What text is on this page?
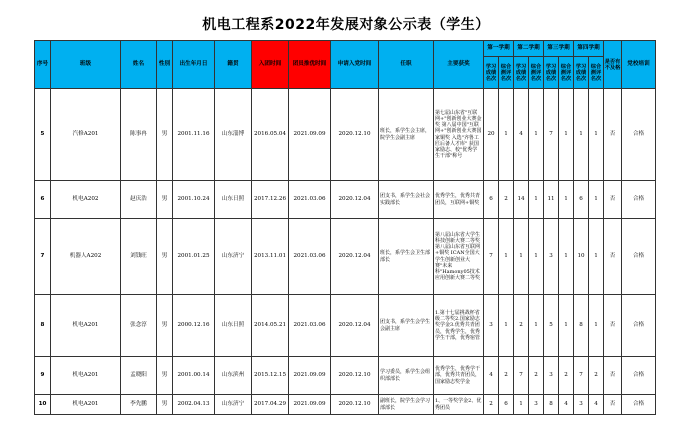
机电工程系2022年发展对象公示表（学生）
序号	班级	姓名	性别	出生年月日	籍贯	入团时间	团员推优时间	申请入党时间	任职	主要获奖	第一学期		第二学期		第三学期		第四学期		是否有不及格	党校培训
											学习成绩名次	综合测评名次	学习成绩名次	综合测评名次	学习成绩名次	综合测评名次	学习成绩名次	综合测评名次		
5	汽修A201	陈事冉	男	2001.11.16	山东淄博	2016.05.04	2021.09.09	2020.12.10	班长，系学生会主席，院学生会副主席	第七届山东省"互联网+"创新创业大赛金奖 第八届中国"互联网+"创新创业大赛国家铜奖 入选"齐鲁工匠后备人才库" 获国家励志、校"优秀学生干部"称号	20	1	4	1	7	1	1	1	否	合格
6	机电A202	赵庆浩	男	2001.10.24	山东日照	2017.12.26	2021.03.06	2020.12.04	团支书，系学生会社会实践部长	优秀学生，优秀共青团员，互联网+铜奖	6	2	14	1	11	1	6	1	否	合格
7	机器人A202	刘钱旺	男	2001.01.25	山东济宁	2013.11.01	2021.03.06	2020.12.04	班长，系学生会卫生部部长	第八届山东省大学生科技创新大赛二等奖第八届山东省互联网+铜奖 ICAN全国大学生创新创业大赛"未来科"Hamony05技术应用创新大赛二等奖	7	1	1	1	3	1	10	1	否	合格
8	机电A201	张念淳	男	2000.12.16	山东日照	2014.05.21	2021.03.06	2020.12.04	团支书，系学生会学生会副主席	1.第十七届挑战杯省级二等奖2.国家励志奖学金3.优秀共青团员，优秀学生，优秀学生干部，优秀宿管	3	1	2	1	5	1	8	1	否	合格
9	机电A201	孟晓阳	男	2001.00.14	山东滨州	2015.12.15	2021.09.09	2020.12.10	学习委员，系学生会组织部部长	优秀学生，优秀学干部，优秀共青团员，国家励志奖学金	4	2	7	2	3	2	7	2	否	合格
10	机电A201	李先鹏	男	2002.04.13	山东济宁	2017.04.29	2021.09.09	2020.12.10	副班长，院学生会学习部部长	1、一等奖学金2、优秀团员	2	6	1	3	8	4	3	4	否	合格
